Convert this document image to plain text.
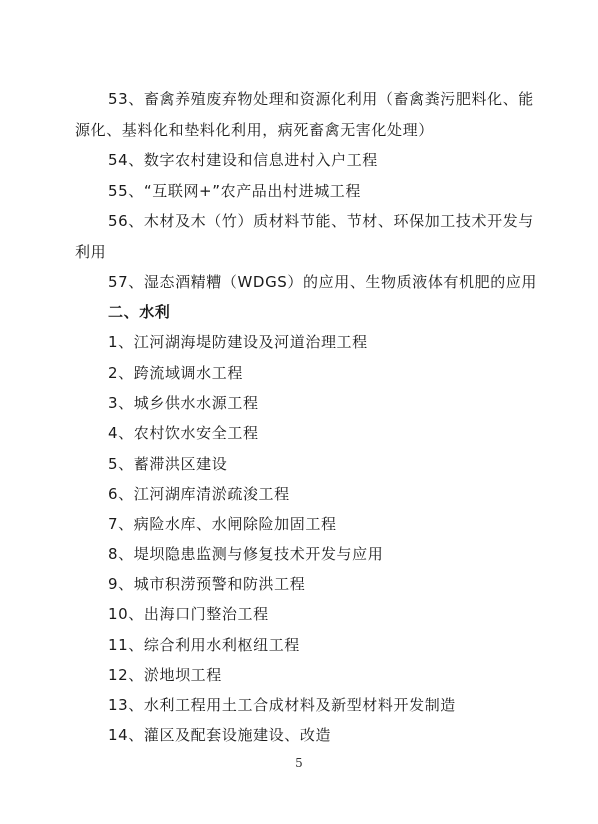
53、畜禽养殖废弃物处理和资源化利用（畜禽粪污肥料化、能
源化、基料化和垫料化利用，病死畜禽无害化处理）
54、数字农村建设和信息进村入户工程
55、“互联网+”农产品出村进城工程
56、木材及木（竹）质材料节能、节材、环保加工技术开发与
利用
57、湿态酒精糟（WDGS）的应用、生物质液体有机肥的应用
二、水利
1、江河湖海堤防建设及河道治理工程
2、跨流域调水工程
3、城乡供水水源工程
4、农村饮水安全工程
5、蓄滞洪区建设
6、江河湖库清淤疏浚工程
7、病险水库、水闸除险加固工程
8、堤坝隐患监测与修复技术开发与应用
9、城市积涝预警和防洪工程
10、出海口门整治工程
11、综合利用水利枢纽工程
12、淤地坝工程
13、水利工程用土工合成材料及新型材料开发制造
14、灌区及配套设施建设、改造
5
